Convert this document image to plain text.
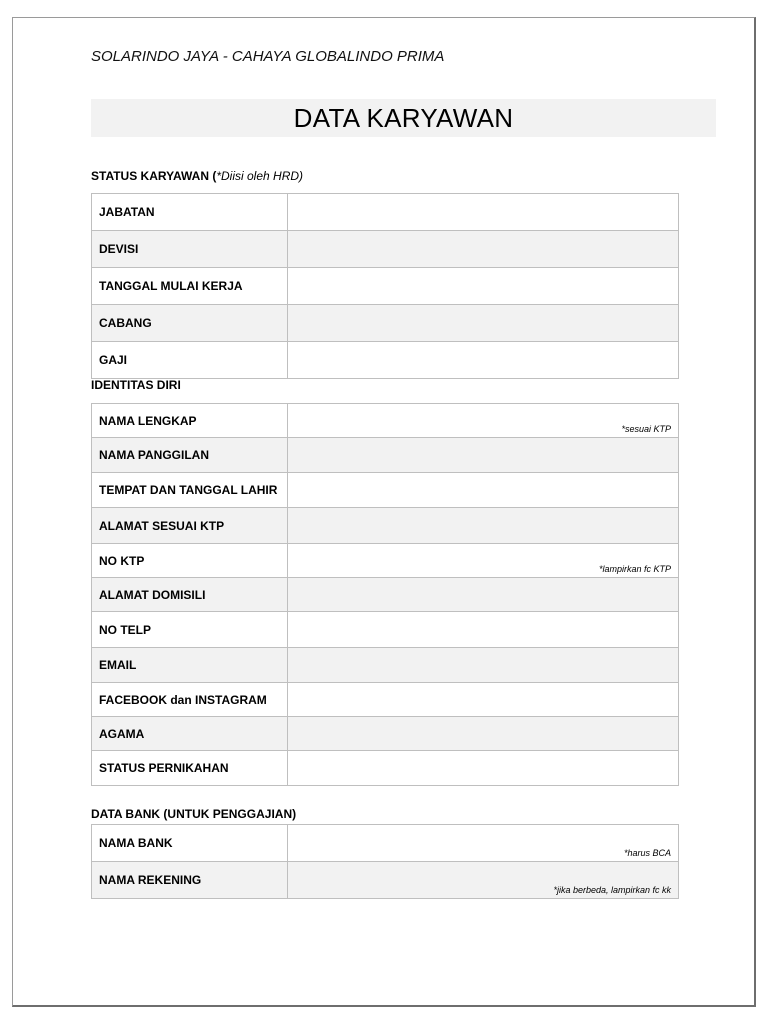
SOLARINDO JAYA - CAHAYA GLOBALINDO PRIMA
DATA KARYAWAN
STATUS KARYAWAN (*Diisi oleh HRD)
JABATAN	
DEVISI	
TANGGAL MULAI KERJA	
CABANG	
GAJI	
IDENTITAS DIRI
NAMA LENGKAP	*sesuai KTP

NAMA PANGGILAN	
TEMPAT DAN TANGGAL LAHIR	
ALAMAT SESUAI KTP	
NO KTP	*lampirkan fc KTP

ALAMAT DOMISILI	
NO TELP	
EMAIL	
FACEBOOK dan INSTAGRAM	
AGAMA	
STATUS PERNIKAHAN	
DATA BANK (UNTUK PENGGAJIAN)
NAMA BANK	*harus BCA

NAMA REKENING	*jika berbeda, lampirkan fc kk
